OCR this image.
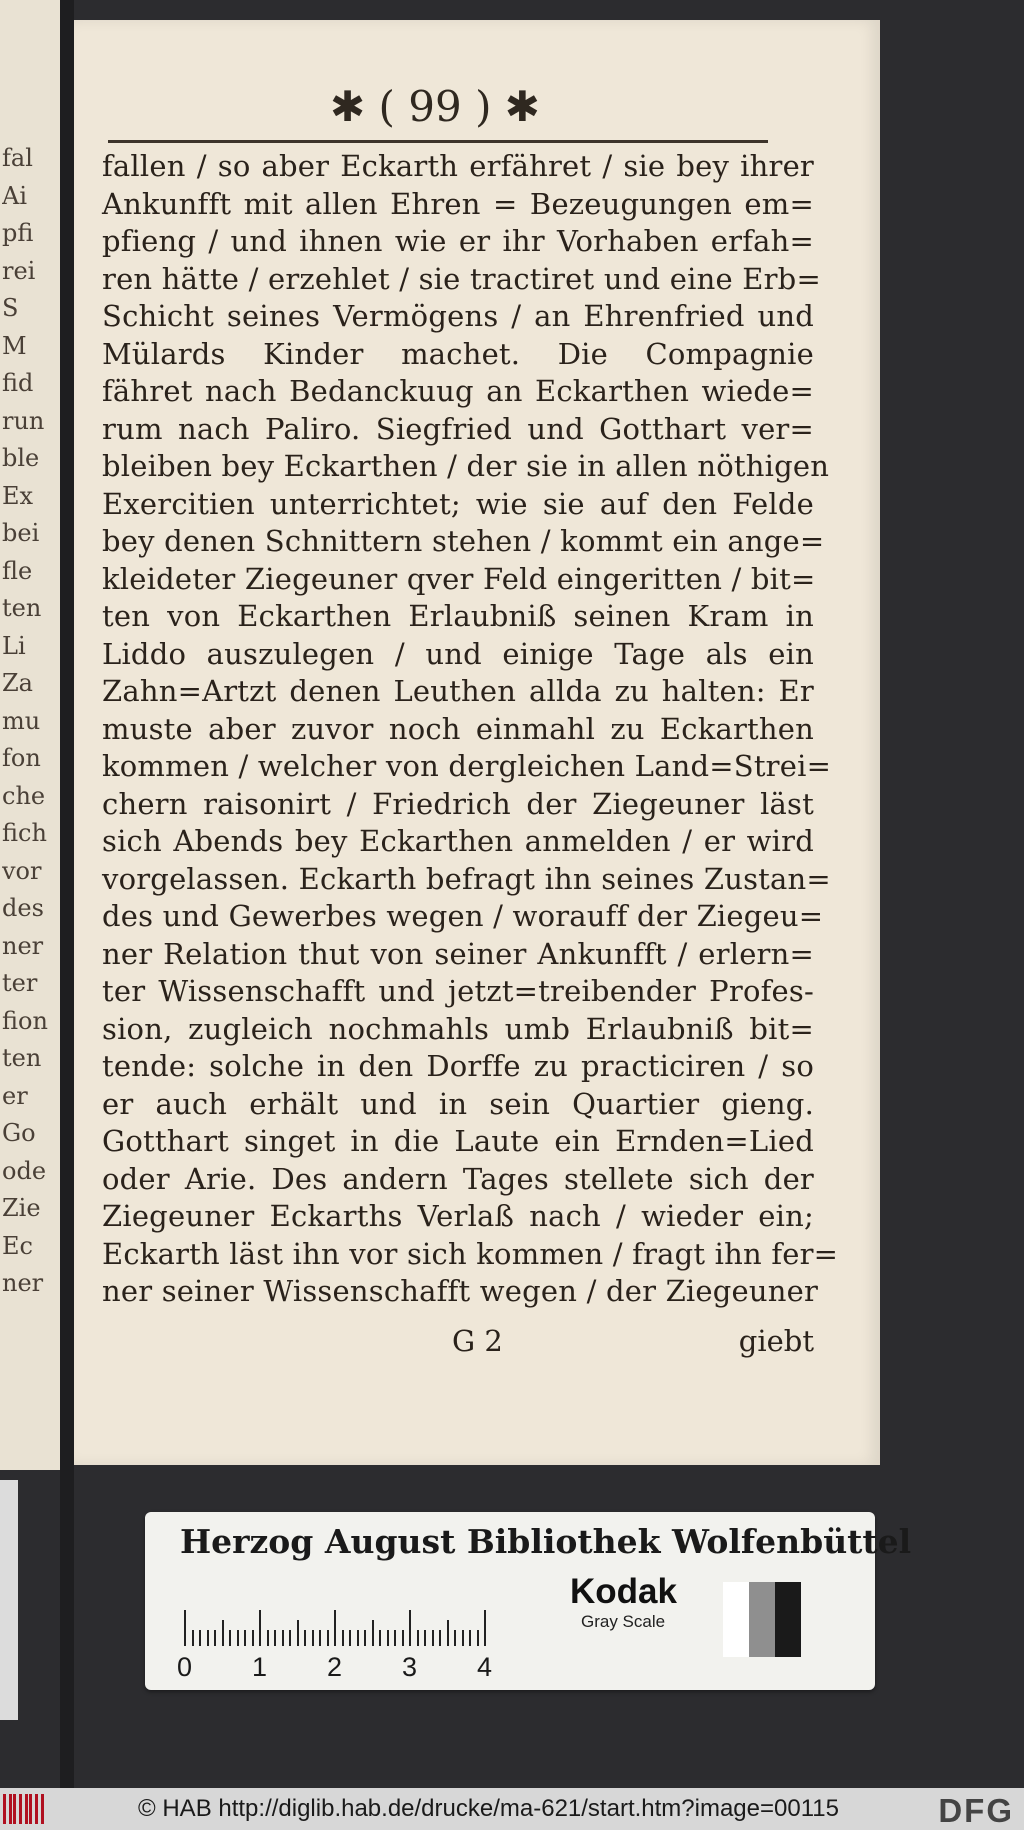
fal
Ai
pfi
rei
S
M
fid
run
ble
Ex
bei
fle
ten
Li
Za
mu
fon
che
fich
vor
des
ner
ter
fion
ten
er
Go
ode
Zie
Ec
ner
✱ ( 99 ) ✱
fallen / so aber Eckarth erfähret / sie bey ihrer
Ankunfft mit allen Ehren = Bezeugungen em=
pfieng / und ihnen wie er ihr Vorhaben erfah=
ren hätte / erzehlet / sie tractiret und eine Erb=
Schicht seines Vermögens / an Ehrenfried und
Mülards Kinder machet. Die Compagnie
fähret nach Bedanckuug an Eckarthen wiede=
rum nach Paliro. Siegfried und Gotthart ver=
bleiben bey Eckarthen / der sie in allen nöthigen
Exercitien unterrichtet; wie sie auf den Felde
bey denen Schnittern stehen / kommt ein ange=
kleideter Ziegeuner qver Feld eingeritten / bit=
ten von Eckarthen Erlaubniß seinen Kram in
Liddo auszulegen / und einige Tage als ein
Zahn=Artzt denen Leuthen allda zu halten: Er
muste aber zuvor noch einmahl zu Eckarthen
kommen / welcher von dergleichen Land=Strei=
chern raisonirt / Friedrich der Ziegeuner läst
sich Abends bey Eckarthen anmelden / er wird
vorgelassen. Eckarth befragt ihn seines Zustan=
des und Gewerbes wegen / worauff der Ziegeu=
ner Relation thut von seiner Ankunfft / erlern=
ter Wissenschafft und jetzt=treibender Profes-
sion, zugleich nochmahls umb Erlaubniß bit=
tende: solche in den Dorffe zu practiciren / so
er auch erhält und in sein Quartier gieng.
Gotthart singet in die Laute ein Ernden=Lied
oder Arie. Des andern Tages stellete sich der
Ziegeuner Eckarths Verlaß nach / wieder ein;
Eckarth läst ihn vor sich kommen / fragt ihn fer=
ner seiner Wissenschafft wegen / der Ziegeuner
G 2	giebt
Herzog August Bibliothek Wolfenbüttel
0 1 2 3 4
Kodak
Gray Scale
© HAB http://diglib.hab.de/drucke/ma-621/start.htm?image=00115	DFG
